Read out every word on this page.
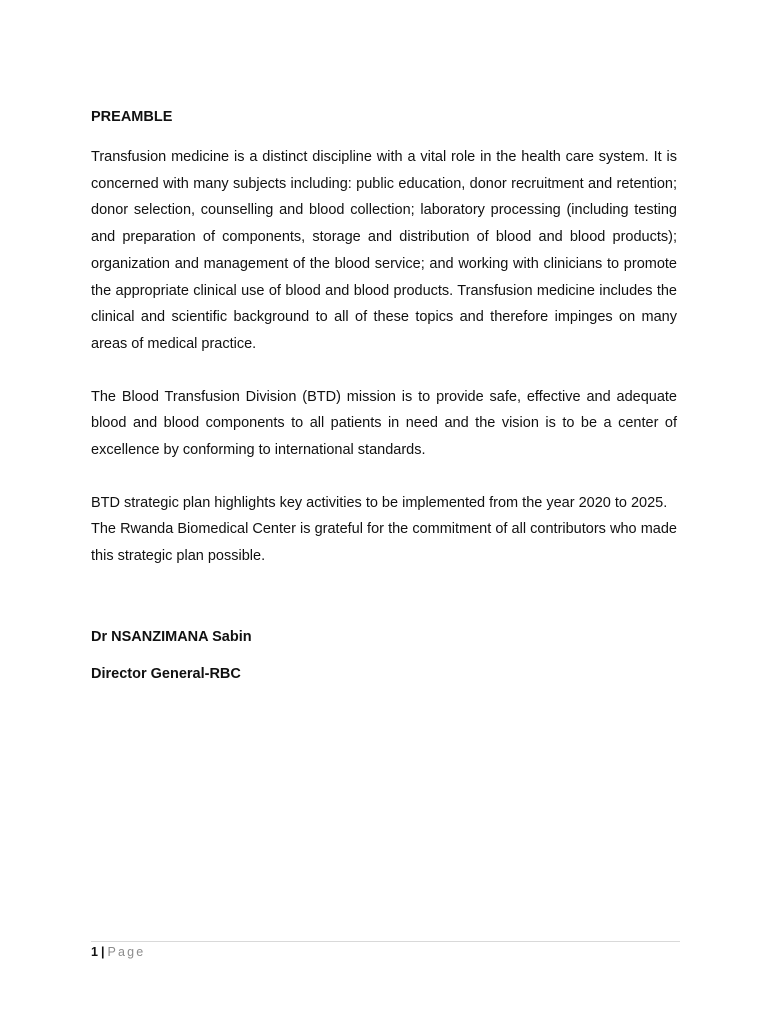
PREAMBLE

Transfusion medicine is a distinct discipline with a vital role in the health care system. It is concerned with many subjects including: public education, donor recruitment and retention; donor selection, counselling and blood collection; laboratory processing (including testing and preparation of components, storage and distribution of blood and blood products); organization and management of the blood service; and working with clinicians to promote the appropriate clinical use of blood and blood products. Transfusion medicine includes the clinical and scientific background to all of these topics and therefore impinges on many areas of medical practice.

The Blood Transfusion Division (BTD) mission is to provide safe, effective and adequate blood and blood components to all patients in need and the vision is to be a center of excellence by conforming to international standards.

BTD strategic plan highlights key activities to be implemented from the year 2020 to 2025.

The Rwanda Biomedical Center is grateful for the commitment of all contributors who made this strategic plan possible.

Dr NSANZIMANA Sabin

Director General-RBC

1 | Page
